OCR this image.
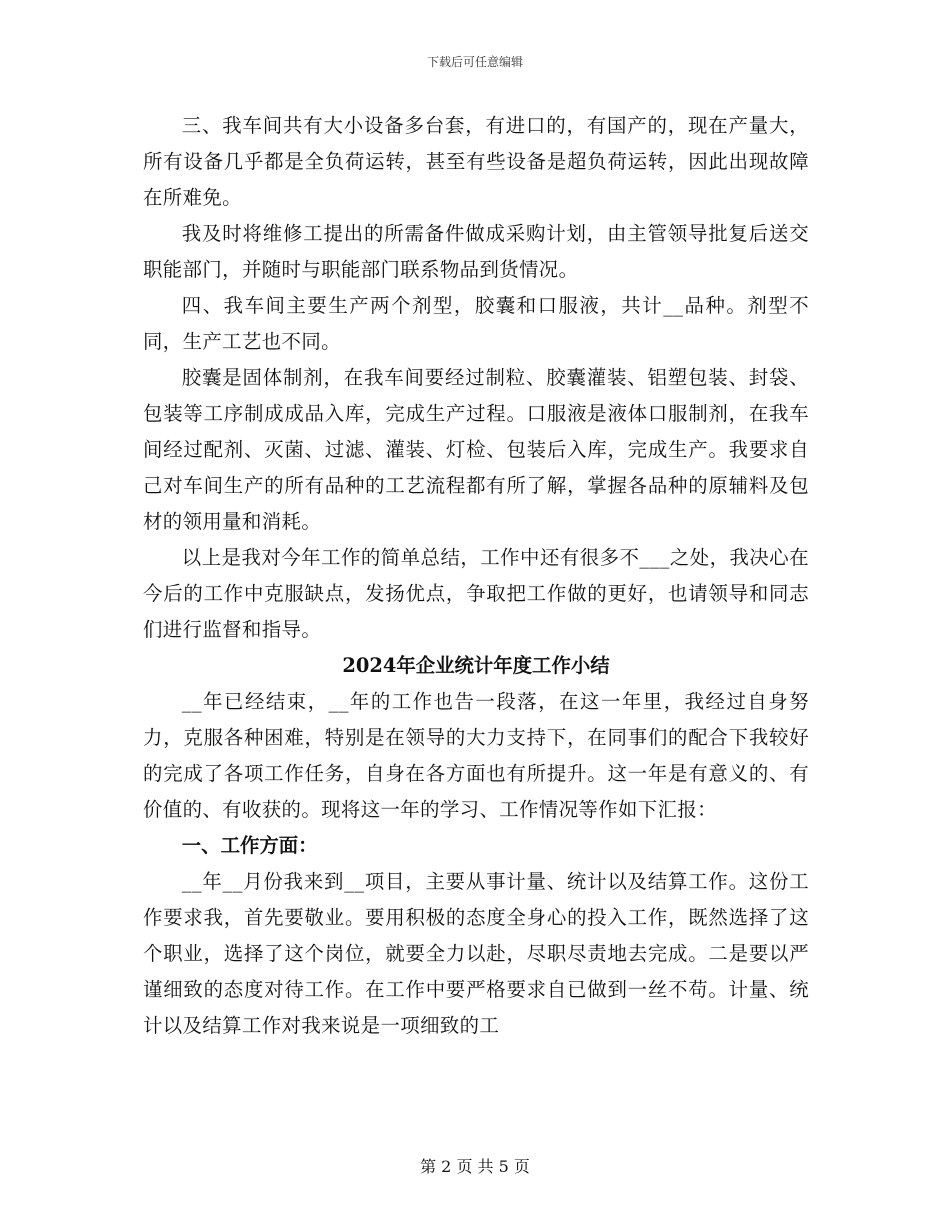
下载后可任意编辑

三、我车间共有大小设备多台套，有进口的，有国产的，现在产量大，所有设备几乎都是全负荷运转，甚至有些设备是超负荷运转，因此出现故障在所难免。

我及时将维修工提出的所需备件做成采购计划，由主管领导批复后送交职能部门，并随时与职能部门联系物品到货情况。

四、我车间主要生产两个剂型，胶囊和口服液，共计__品种。剂型不同，生产工艺也不同。

胶囊是固体制剂，在我车间要经过制粒、胶囊灌装、铝塑包装、封袋、包装等工序制成成品入库，完成生产过程。口服液是液体口服制剂，在我车间经过配剂、灭菌、过滤、灌装、灯检、包装后入库，完成生产。我要求自己对车间生产的所有品种的工艺流程都有所了解，掌握各品种的原辅料及包材的领用量和消耗。

以上是我对今年工作的简单总结，工作中还有很多不___之处，我决心在今后的工作中克服缺点，发扬优点，争取把工作做的更好，也请领导和同志们进行监督和指导。

2024年企业统计年度工作小结

__年已经结束，__年的工作也告一段落，在这一年里，我经过自身努力，克服各种困难，特别是在领导的大力支持下，在同事们的配合下我较好的完成了各项工作任务，自身在各方面也有所提升。这一年是有意义的、有价值的、有收获的。现将这一年的学习、工作情况等作如下汇报：

一、工作方面：

__年__月份我来到__项目，主要从事计量、统计以及结算工作。这份工作要求我，首先要敬业。要用积极的态度全身心的投入工作，既然选择了这个职业，选择了这个岗位，就要全力以赴，尽职尽责地去完成。二是要以严谨细致的态度对待工作。在工作中要严格要求自已做到一丝不苟。计量、统计以及结算工作对我来说是一项细致的工

第 2 页 共 5 页
